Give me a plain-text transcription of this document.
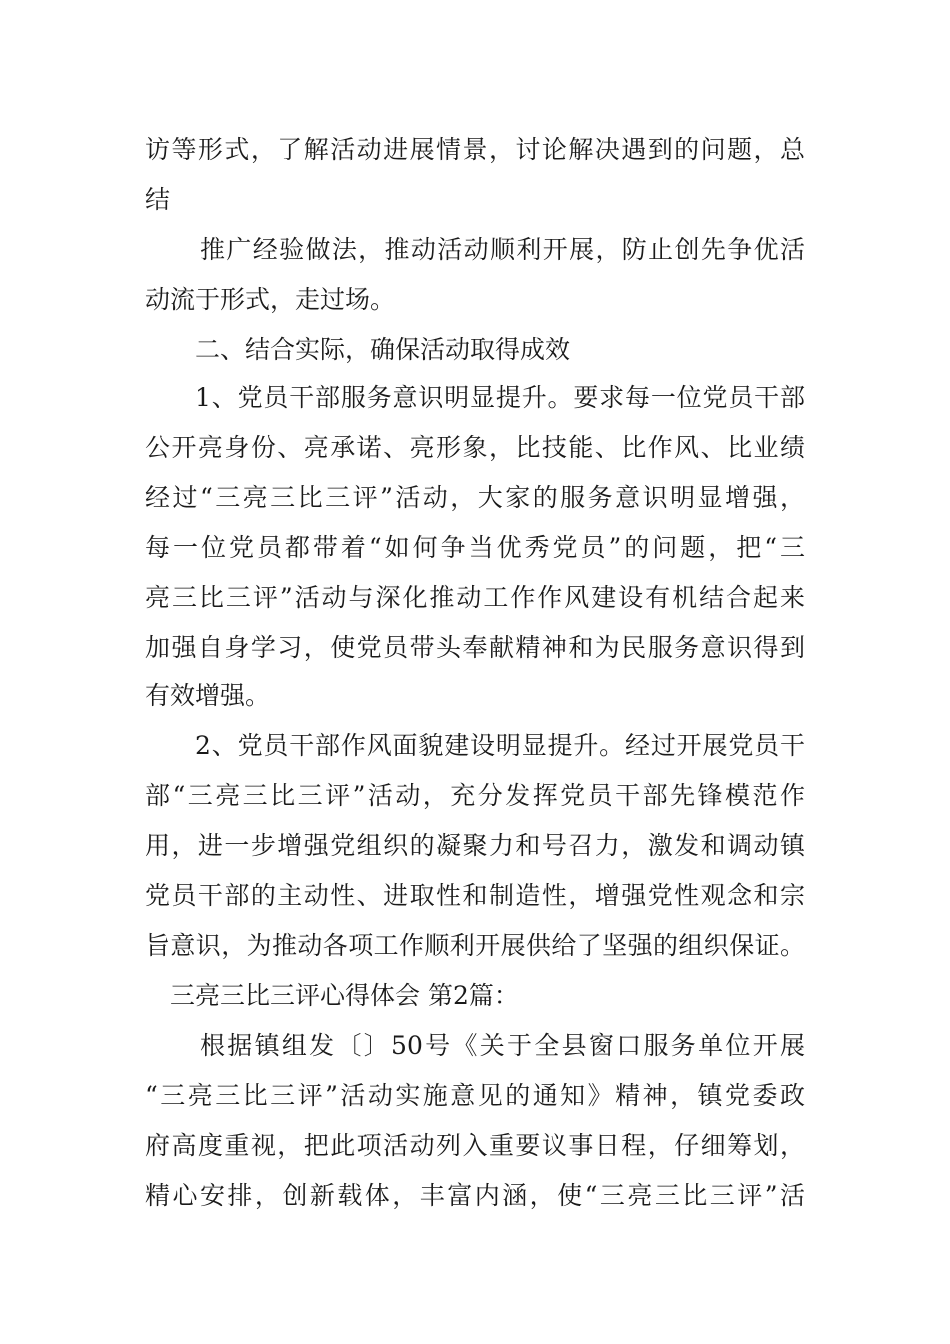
访等形式，了解活动进展情景，讨论解决遇到的问题，总
结
推广经验做法，推动活动顺利开展，防止创先争优活
动流于形式，走过场。
二、结合实际，确保活动取得成效
1、党员干部服务意识明显提升。要求每一位党员干部
公开亮身份、亮承诺、亮形象，比技能、比作风、比业绩
经过“三亮三比三评”活动，大家的服务意识明显增强，
每一位党员都带着“如何争当优秀党员”的问题，把“三
亮三比三评”活动与深化推动工作作风建设有机结合起来
加强自身学习，使党员带头奉献精神和为民服务意识得到
有效增强。
2、党员干部作风面貌建设明显提升。经过开展党员干
部“三亮三比三评”活动，充分发挥党员干部先锋模范作
用，进一步增强党组织的凝聚力和号召力，激发和调动镇
党员干部的主动性、进取性和制造性，增强党性观念和宗
旨意识，为推动各项工作顺利开展供给了坚强的组织保证。
三亮三比三评心得体会 第2篇：
根据镇组发〔〕50号《关于全县窗口服务单位开展
“三亮三比三评”活动实施意见的通知》精神，镇党委政
府高度重视，把此项活动列入重要议事日程，仔细筹划，
精心安排，创新载体，丰富内涵，使“三亮三比三评”活
